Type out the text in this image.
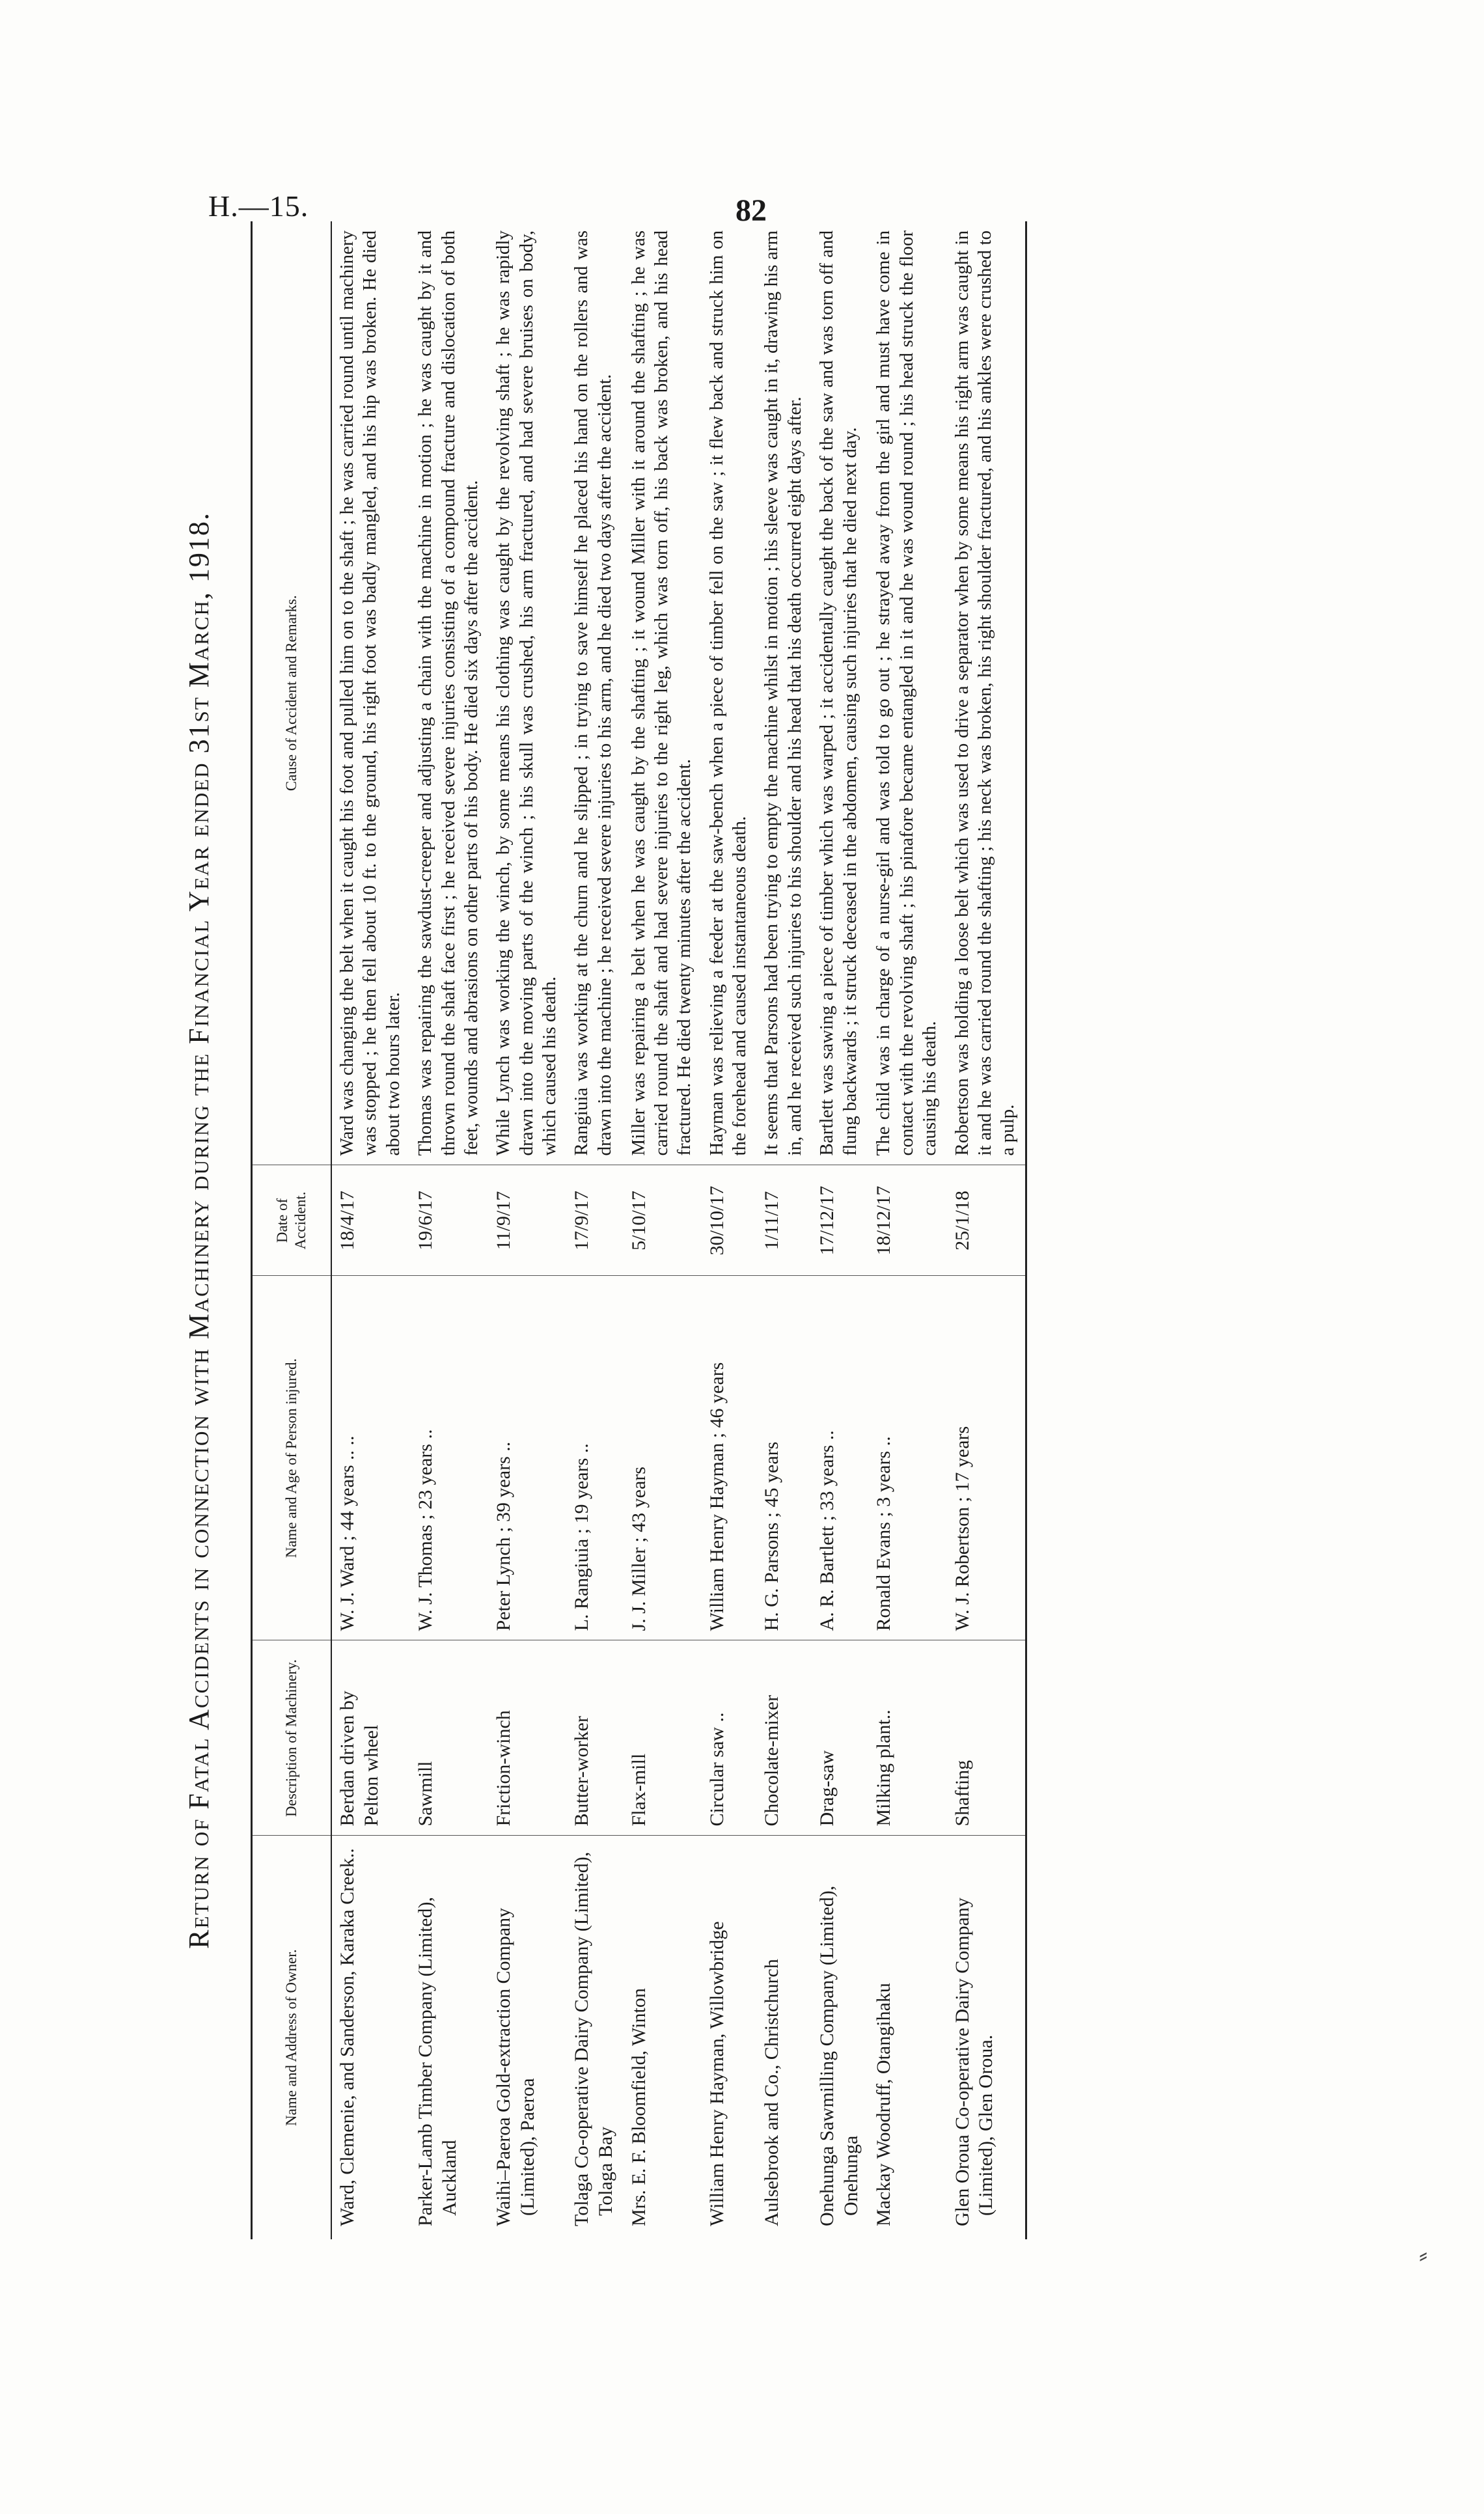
H.—15.	82
Return of Fatal Accidents in connection with Machinery during the Financial Year ended 31st March, 1918.
Name and Address of Owner.	Description of Machinery.	Name and Age of Person injured.	Date of Accident.	Cause of Accident and Remarks.
Ward, Clemenie, and Sanderson, Karaka Creek..	Berdan driven by Pelton wheel	W. J. Ward ; 44 years .. ..	18/4/17	Ward was changing the belt when it caught his foot and pulled him on to the shaft ; he was carried round until machinery was stopped ; he then fell about 10 ft. to the ground, his right foot was badly mangled, and his hip was broken. He died about two hours later.
Parker-Lamb Timber Company (Limited), Auckland	Sawmill	W. J. Thomas ; 23 years ..	19/6/17	Thomas was repairing the sawdust-creeper and adjusting a chain with the machine in motion ; he was caught by it and thrown round the shaft face first ; he received severe injuries consisting of a compound fracture and dislocation of both feet, wounds and abrasions on other parts of his body. He died six days after the accident.
Waihi–Paeroa Gold-extraction Company (Limited), Paeroa	Friction-winch	Peter Lynch ; 39 years ..	11/9/17	While Lynch was working the winch, by some means his clothing was caught by the revolving shaft ; he was rapidly drawn into the moving parts of the winch ; his skull was crushed, his arm fractured, and had severe bruises on body, which caused his death.
Tolaga Co-operative Dairy Company (Limited), Tolaga Bay	Butter-worker	L. Rangiuia ; 19 years ..	17/9/17	Rangiuia was working at the churn and he slipped ; in trying to save himself he placed his hand on the rollers and was drawn into the machine ; he received severe injuries to his arm, and he died two days after the accident.
Mrs. E. F. Bloomfield, Winton	Flax-mill	J. J. Miller ; 43 years	5/10/17	Miller was repairing a belt when he was caught by the shafting ; it wound Miller with it around the shafting ; he was carried round the shaft and had severe injuries to the right leg, which was torn off, his back was broken, and his head fractured. He died twenty minutes after the accident.
William Henry Hayman, Willowbridge	Circular saw ..	William Henry Hayman ; 46 years	30/10/17	Hayman was relieving a feeder at the saw-bench when a piece of timber fell on the saw ; it flew back and struck him on the forehead and caused instantaneous death.
Aulsebrook and Co., Christchurch	Chocolate-mixer	H. G. Parsons ; 45 years	1/11/17	It seems that Parsons had been trying to empty the machine whilst in motion ; his sleeve was caught in it, drawing his arm in, and he received such injuries to his shoulder and his head that his death occurred eight days after.
Onehunga Sawmilling Company (Limited), Onehunga	Drag-saw	A. R. Bartlett ; 33 years ..	17/12/17	Bartlett was sawing a piece of timber which was warped ; it accidentally caught the back of the saw and was torn off and flung backwards ; it struck deceased in the abdomen, causing such injuries that he died next day.
Mackay Woodruff, Otangihaku	Milking plant..	Ronald Evans ; 3 years ..	18/12/17	The child was in charge of a nurse-girl and was told to go out ; he strayed away from the girl and must have come in contact with the revolving shaft ; his pinafore became entangled in it and he was wound round ; his head struck the floor causing his death.
Glen Oroua Co-operative Dairy Company (Limited), Glen Oroua.	Shafting	W. J. Robertson ; 17 years	25/1/18	Robertson was holding a loose belt which was used to drive a separator when by some means his right arm was caught in it and he was carried round the shafting ; his neck was broken, his right shoulder fractured, and his ankles were crushed to a pulp.
⸗
